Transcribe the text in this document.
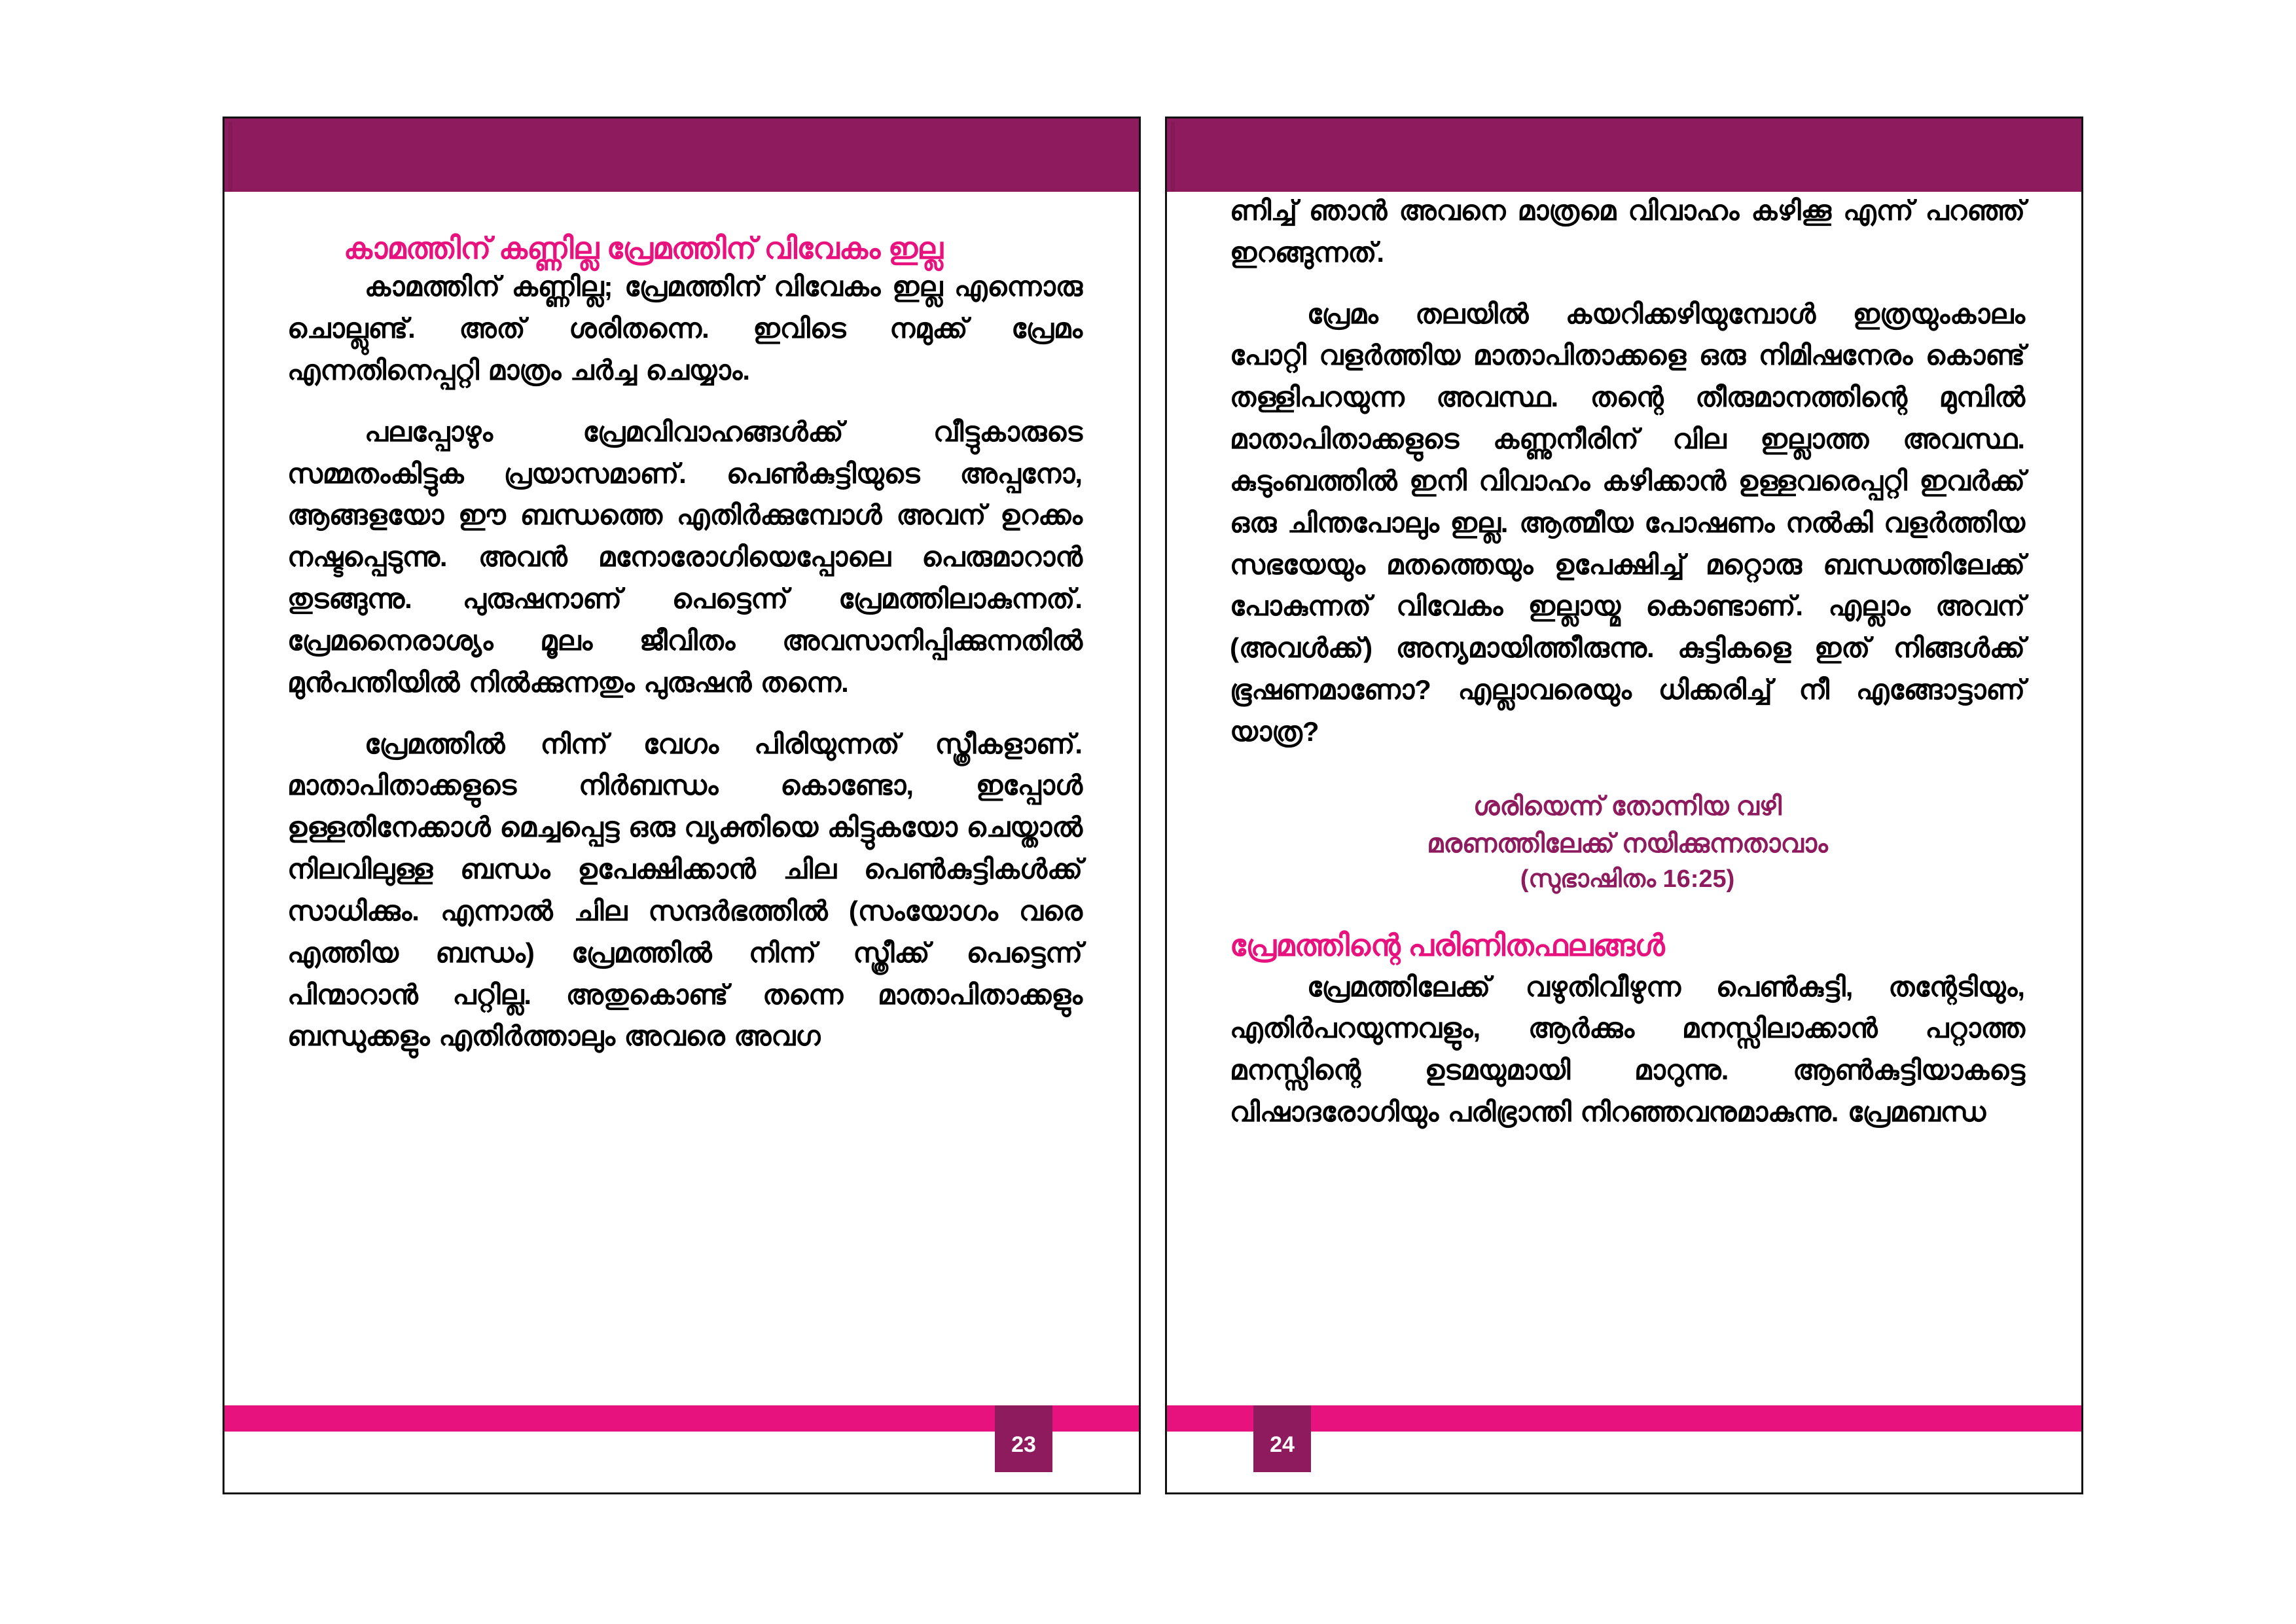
കാമത്തിന് കണ്ണില്ല പ്രേമത്തിന് വിവേകം ഇല്ല

കാമത്തിന് കണ്ണില്ല; പ്രേമത്തിന് വിവേകം ഇല്ല എന്നൊരു ചൊല്ലുണ്ട്. അത് ശരിതന്നെ. ഇവിടെ നമുക്ക് പ്രേമം എന്നതിനെപ്പറ്റി മാത്രം ചർച്ച ചെയ്യാം.

പലപ്പോഴും പ്രേമവിവാഹങ്ങൾക്ക് വീട്ടുകാരുടെ സമ്മതംകിട്ടുക പ്രയാസമാണ്. പെൺകുട്ടിയുടെ അപ്പനോ, ആങ്ങളയോ ഈ ബന്ധത്തെ എതിർക്കുമ്പോൾ അവന് ഉറക്കം നഷ്ടപ്പെടുന്നു. അവൻ മനോരോഗിയെപ്പോലെ പെരുമാറാൻ തുടങ്ങുന്നു. പുരുഷനാണ് പെട്ടെന്ന് പ്രേമത്തിലാകുന്നത്. പ്രേമനൈരാശ്യം മൂലം ജീവിതം അവസാനിപ്പിക്കുന്നതിൽ മുൻപന്തിയിൽ നിൽക്കുന്നതും പുരുഷൻ തന്നെ.

പ്രേമത്തിൽ നിന്ന് വേഗം പിരിയുന്നത് സ്ത്രീകളാണ്. മാതാപിതാക്കളുടെ നിർബന്ധം കൊണ്ടോ, ഇപ്പോൾ ഉള്ളതിനേക്കാൾ മെച്ചപ്പെട്ട ഒരു വ്യക്തിയെ കിട്ടുകയോ ചെയ്താൽ നിലവിലുള്ള ബന്ധം ഉപേക്ഷിക്കാൻ ചില പെൺകുട്ടികൾക്ക് സാധിക്കും. എന്നാൽ ചില സന്ദർഭത്തിൽ (സംയോഗം വരെ എത്തിയ ബന്ധം) പ്രേമത്തിൽ നിന്ന് സ്ത്രീക്ക് പെട്ടെന്ന് പിന്മാറാൻ പറ്റില്ല. അതുകൊണ്ട് തന്നെ മാതാപിതാക്കളും ബന്ധുക്കളും എതിർത്താലും അവരെ അവഗ

23

ണിച്ച് ഞാൻ അവനെ മാത്രമെ വിവാഹം കഴിക്കൂ എന്ന് പറഞ്ഞ് ഇറങ്ങുന്നത്.

പ്രേമം തലയിൽ കയറിക്കഴിയുമ്പോൾ ഇത്രയുംകാലം പോറ്റി വളർത്തിയ മാതാപിതാക്കളെ ഒരു നിമിഷനേരം കൊണ്ട് തള്ളിപറയുന്ന അവസ്ഥ. തന്റെ തീരുമാനത്തിന്റെ മുമ്പിൽ മാതാപിതാക്കളുടെ കണ്ണുനീരിന് വില ഇല്ലാത്ത അവസ്ഥ. കുടുംബത്തിൽ ഇനി വിവാഹം കഴിക്കാൻ ഉള്ളവരെപ്പറ്റി ഇവർക്ക് ഒരു ചിന്തപോലും ഇല്ല. ആത്മീയ പോഷണം നൽകി വളർത്തിയ സഭയേയും മതത്തെയും ഉപേക്ഷിച്ച് മറ്റൊരു ബന്ധത്തിലേക്ക് പോകുന്നത് വിവേകം ഇല്ലായ്മ കൊണ്ടാണ്. എല്ലാം അവന് (അവൾക്ക്) അന്യമായിത്തീരുന്നു. കുട്ടികളെ ഇത് നിങ്ങൾക്ക് ഭൂഷണമാണോ? എല്ലാവരെയും ധിക്കരിച്ച് നീ എങ്ങോട്ടാണ് യാത്ര?

ശരിയെന്ന് തോന്നിയ വഴി
മരണത്തിലേക്ക് നയിക്കുന്നതാവാം
(സുഭാഷിതം 16:25)
പ്രേമത്തിന്റെ പരിണിതഫലങ്ങൾ

പ്രേമത്തിലേക്ക് വഴുതിവീഴുന്ന പെൺകുട്ടി, തന്റേടിയും, എതിർപറയുന്നവളും, ആർക്കും മനസ്സിലാക്കാൻ പറ്റാത്ത മനസ്സിന്റെ ഉടമയുമായി മാറുന്നു. ആൺകുട്ടിയാകട്ടെ വിഷാദരോഗിയും പരിഭ്രാന്തി നിറഞ്ഞവനുമാകുന്നു. പ്രേമബന്ധ

24
